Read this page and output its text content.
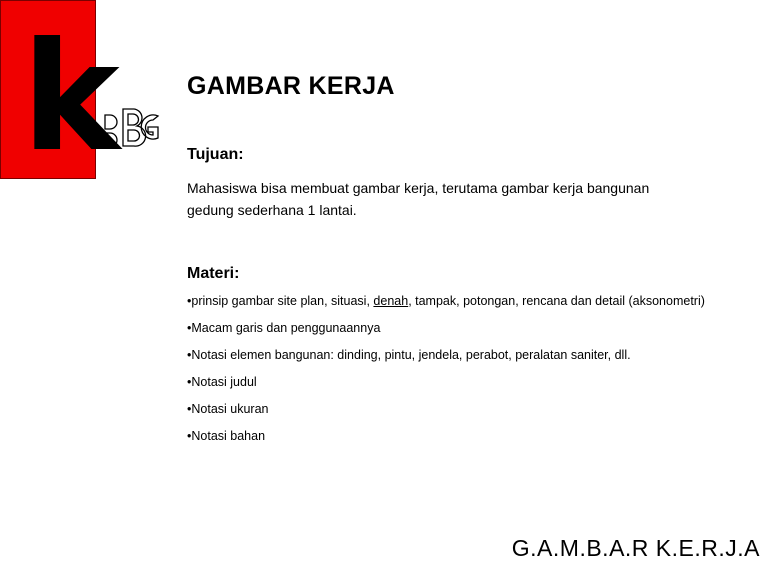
k	GAMBAR KERJA
Tujuan:
Mahasiswa bisa membuat gambar kerja, terutama gambar kerja bangunan gedung sederhana 1 lantai.
Materi:
•prinsip gambar site plan, situasi, denah, tampak, potongan, rencana dan detail (aksonometri)
•Macam garis dan penggunaannya
•Notasi elemen bangunan: dinding, pintu, jendela, perabot, peralatan saniter, dll.
•Notasi judul
•Notasi ukuran
•Notasi bahan
G.A.M.B.A.R K.E.R.J.A
